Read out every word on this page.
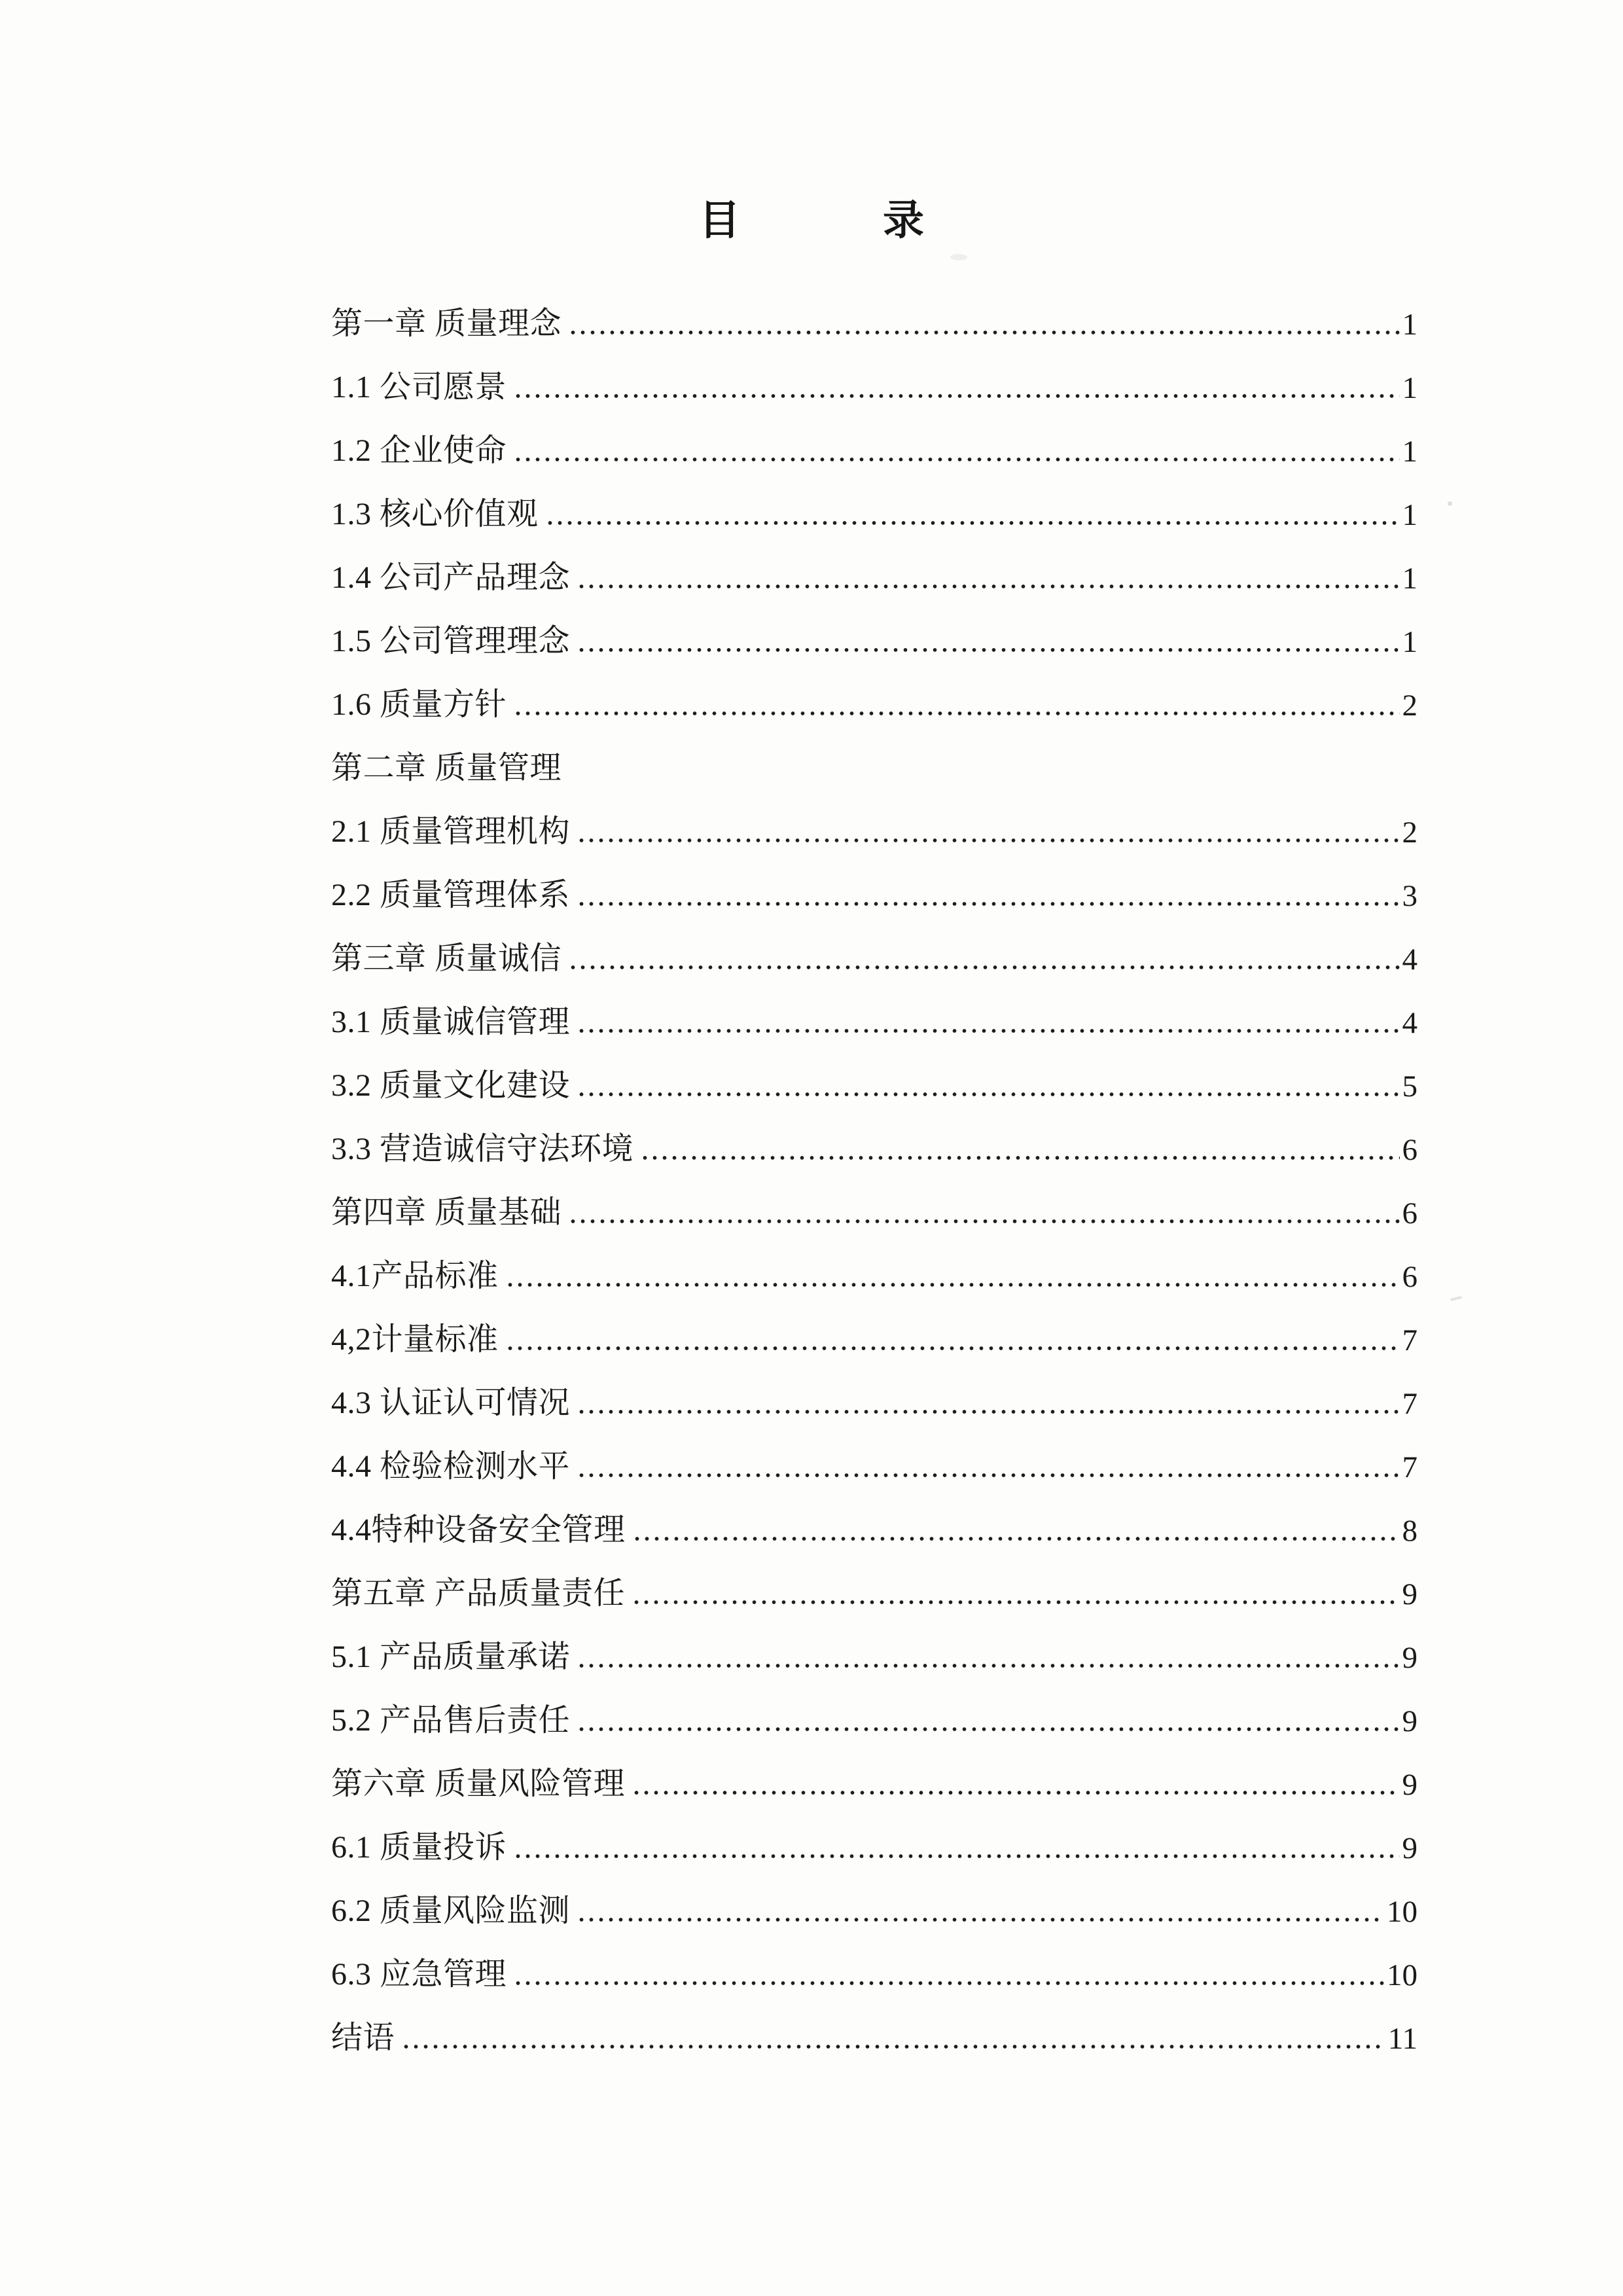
目	录
第一章 质量理念	1
1.1 公司愿景	1
1.2 企业使命	1
1.3 核心价值观	1
1.4 公司产品理念	1
1.5 公司管理理念	1
1.6 质量方针	2
第二章 质量管理
2.1 质量管理机构	2
2.2 质量管理体系	3
第三章 质量诚信	4
3.1 质量诚信管理	4
3.2 质量文化建设	5
3.3 营造诚信守法环境	6
第四章 质量基础	6
4.1产品标准	6
4,2计量标准	7
4.3 认证认可情况	7
4.4 检验检测水平	7
4.4特种设备安全管理	8
第五章 产品质量责任	9
5.1 产品质量承诺	9
5.2 产品售后责任	9
第六章 质量风险管理	9
6.1 质量投诉	9
6.2 质量风险监测	10
6.3 应急管理	10
结语	11
